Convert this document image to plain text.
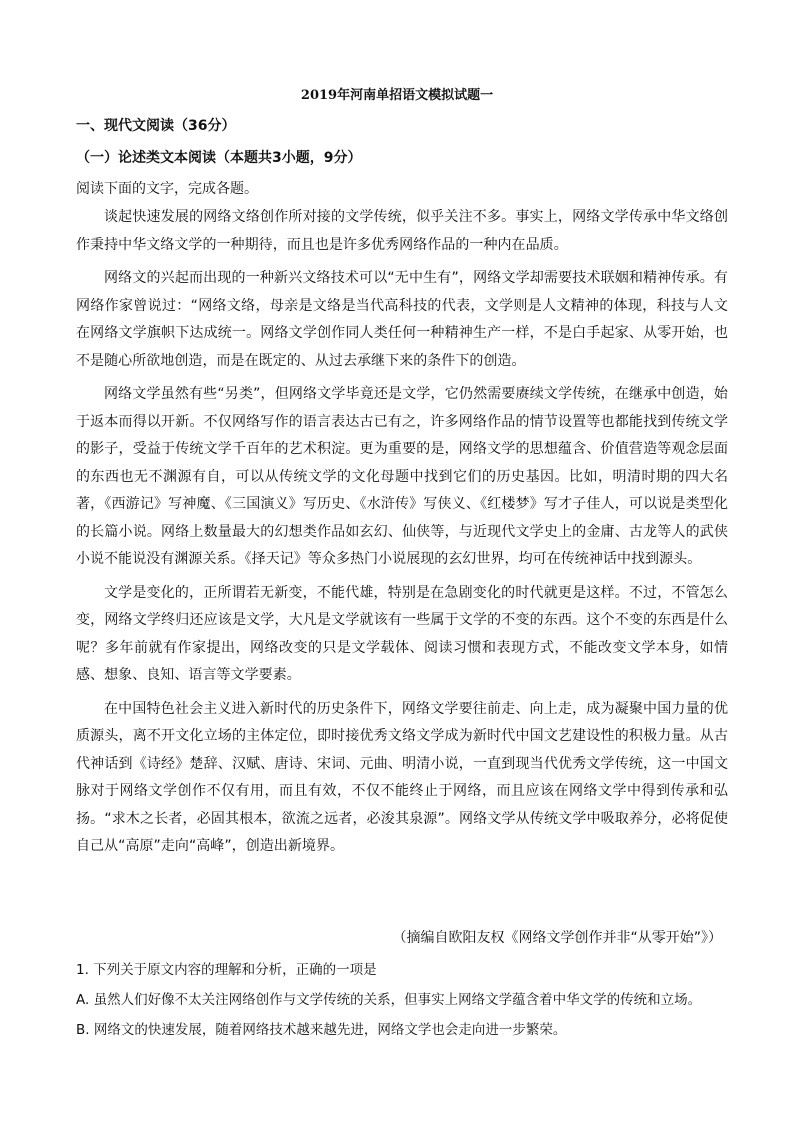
2019年河南单招语文模拟试题一
一、现代文阅读（36分）
（一）论述类文本阅读（本题共3小题，9分）
阅读下面的文字，完成各题。

谈起快速发展的网络文络创作所对接的文学传统，似乎关注不多。事实上，网络文学传承中华文络创作秉持中华文络文学的一种期待，而且也是许多优秀网络作品的一种内在品质。

网络文的兴起而出现的一种新兴文络技术可以“无中生有”，网络文学却需要技术联姻和精神传承。有网络作家曾说过：“网络文络，母亲是文络是当代高科技的代表，文学则是人文精神的体现，科技与人文在网络文学旗帜下达成统一。网络文学创作同人类任何一种精神生产一样，不是白手起家、从零开始，也不是随心所欲地创造，而是在既定的、从过去承继下来的条件下的创造。

网络文学虽然有些“另类”，但网络文学毕竟还是文学，它仍然需要赓续文学传统，在继承中创造，始于返本而得以开新。不仅网络写作的语言表达古已有之，许多网络作品的情节设置等也都能找到传统文学的影子，受益于传统文学千百年的艺术积淀。更为重要的是，网络文学的思想蕴含、价值营造等观念层面的东西也无不渊源有自，可以从传统文学的文化母题中找到它们的历史基因。比如，明清时期的四大名著，《西游记》写神魔、《三国演义》写历史、《水浒传》写侠义、《红楼梦》写才子佳人，可以说是类型化的长篇小说。网络上数量最大的幻想类作品如玄幻、仙侠等，与近现代文学史上的金庸、古龙等人的武侠小说不能说没有渊源关系。《择天记》等众多热门小说展现的玄幻世界，均可在传统神话中找到源头。

文学是变化的，正所谓若无新变，不能代雄，特别是在急剧变化的时代就更是这样。不过，不管怎么变，网络文学终归还应该是文学，大凡是文学就该有一些属于文学的不变的东西。这个不变的东西是什么呢？多年前就有作家提出，网络改变的只是文学载体、阅读习惯和表现方式，不能改变文学本身，如情感、想象、良知、语言等文学要素。

在中国特色社会主义进入新时代的历史条件下，网络文学要往前走、向上走，成为凝聚中国力量的优质源头，离不开文化立场的主体定位，即时接优秀文络文学成为新时代中国文艺建设性的积极力量。从古代神话到《诗经》楚辞、汉赋、唐诗、宋词、元曲、明清小说，一直到现当代优秀文学传统，这一中国文脉对于网络文学创作不仅有用，而且有效，不仅不能终止于网络，而且应该在网络文学中得到传承和弘扬。“求木之长者，必固其根本，欲流之远者，必浚其泉源”。网络文学从传统文学中吸取养分，必将促使自己从“高原”走向“高峰”，创造出新境界。

（摘编自欧阳友权《网络文学创作并非“从零开始”》）
1. 下列关于原文内容的理解和分析，正确的一项是
A. 虽然人们好像不太关注网络创作与文学传统的关系，但事实上网络文学蕴含着中华文学的传统和立场。
B. 网络文的快速发展，随着网络技术越来越先进，网络文学也会走向进一步繁荣。
